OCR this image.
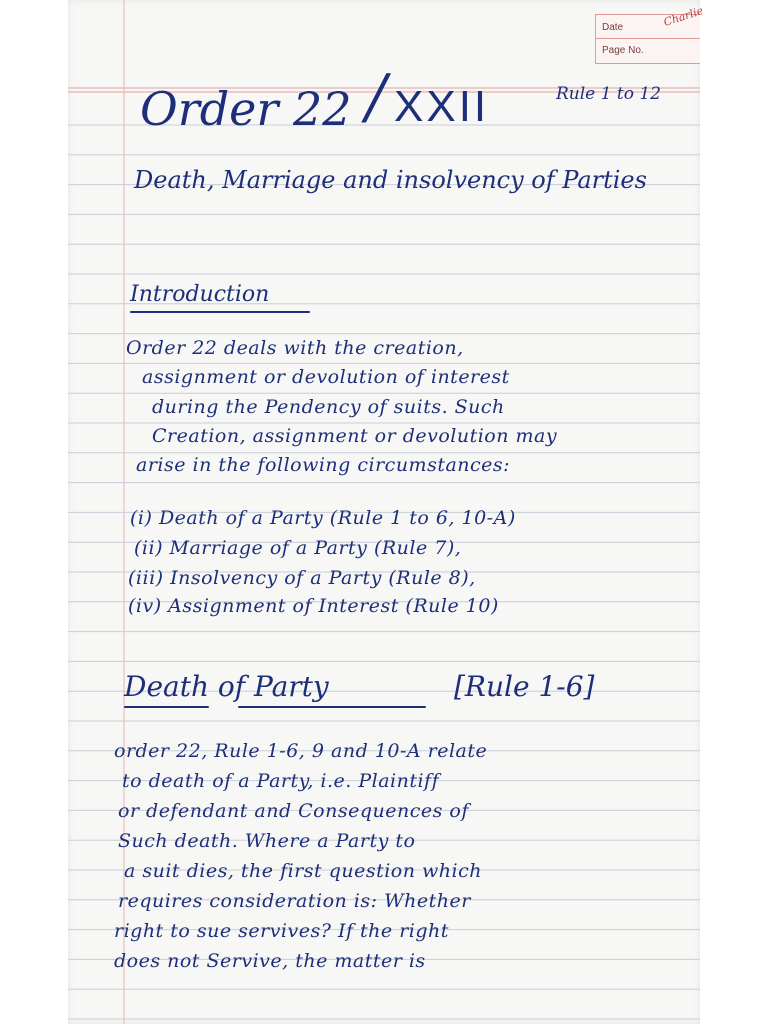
Date
Page No.
Charlie
Order 22 / XXII	Rule 1 to 12
Death, Marriage and insolvency of Parties
Introduction
Order 22 deals with the creation,
assignment or devolution of interest
during the Pendency of suits. Such
Creation, assignment or devolution may
arise in the following circumstances:
(i) Death of a Party (Rule 1 to 6, 10-A)
(ii) Marriage of a Party (Rule 7),
(iii) Insolvency of a Party (Rule 8),
(iv) Assignment of Interest (Rule 10)
Death of Party	[Rule 1-6]
order 22, Rule 1-6, 9 and 10-A relate
to death of a Party, i.e. Plaintiff
or defendant and Consequences of
Such death. Where a Party to
a suit dies, the first question which
requires consideration is: Whether
right to sue servives? If the right
does not Servive, the matter is
